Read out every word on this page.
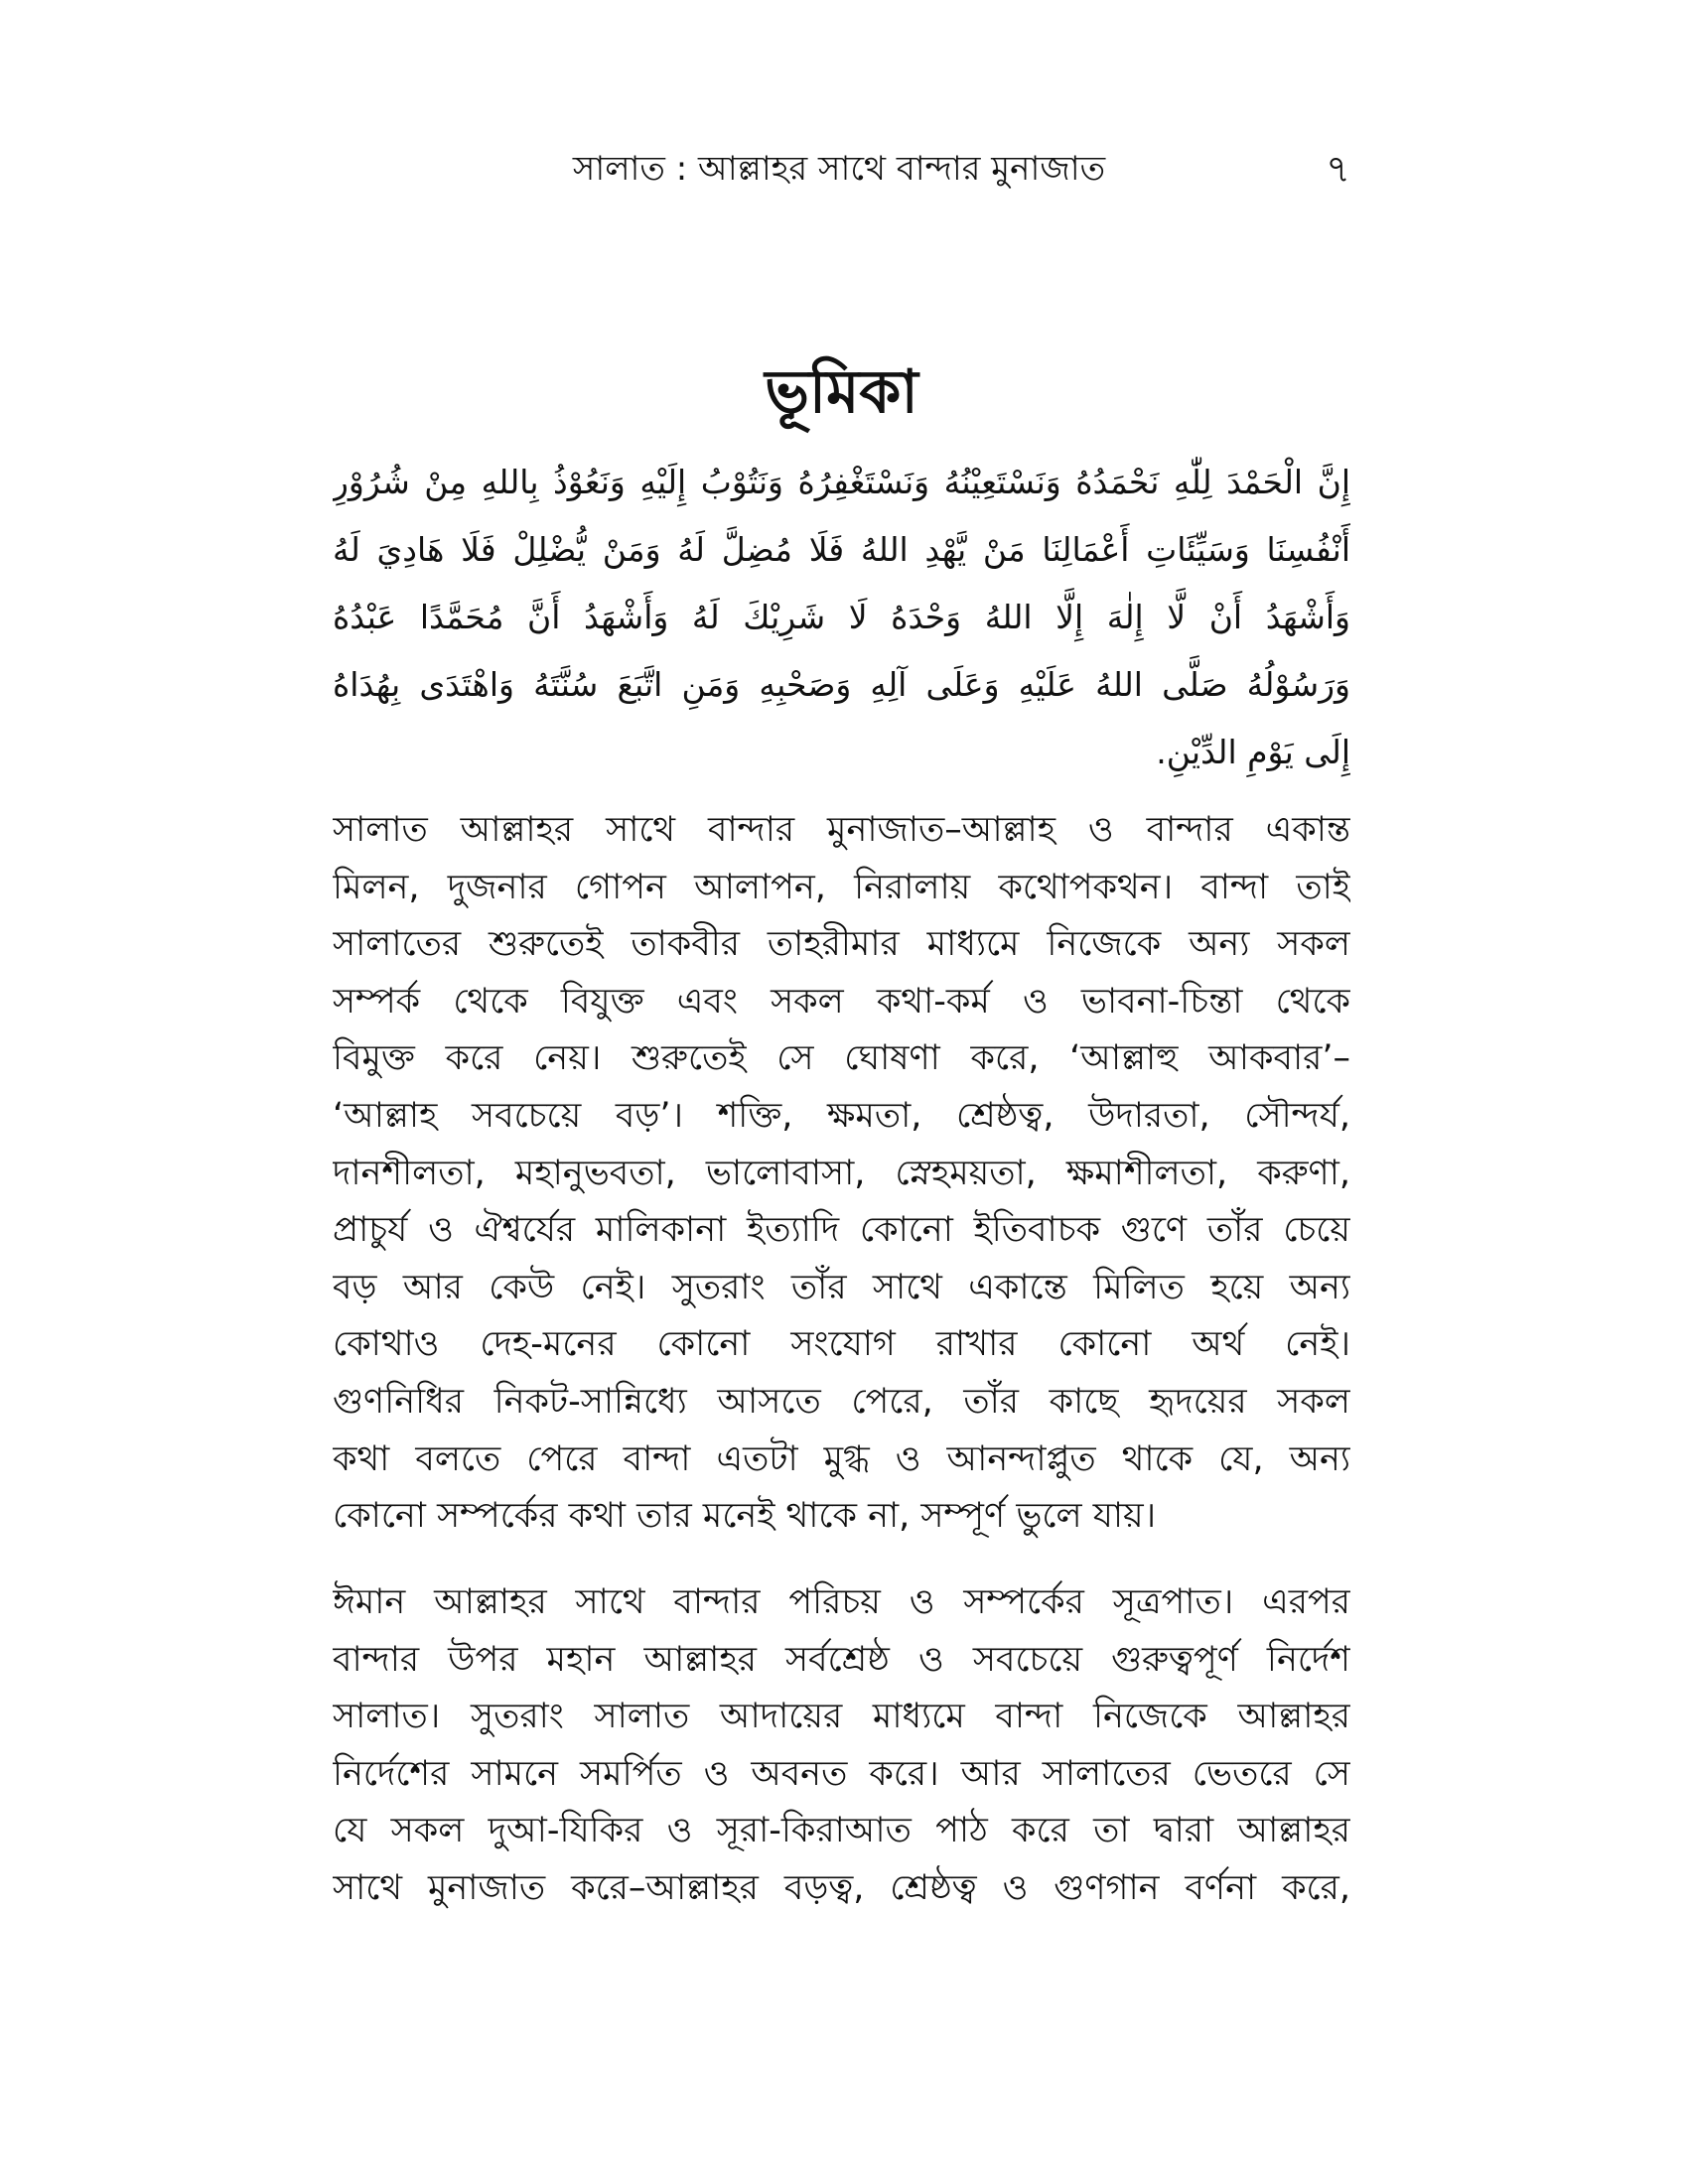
সালাত : আল্লাহর সাথে বান্দার মুনাজাত	৭
ভূমিকা
إِنَّ الْحَمْدَ لِلّٰهِ نَحْمَدُهُ وَنَسْتَعِيْنُهُ وَنَسْتَغْفِرُهُ وَنَتُوْبُ إِلَيْهِ وَنَعُوْذُ بِاللهِ مِنْ شُرُوْرِ
أَنْفُسِنَا وَسَيِّئَاتِ أَعْمَالِنَا مَنْ يَّهْدِ اللهُ فَلَا مُضِلَّ لَهُ وَمَنْ يُّضْلِلْ فَلَا هَادِيَ لَهُ
وَأَشْهَدُ أَنْ لَّا إِلٰهَ إِلَّا اللهُ وَحْدَهُ لَا شَرِيْكَ لَهُ وَأَشْهَدُ أَنَّ مُحَمَّدًا عَبْدُهُ
وَرَسُوْلُهُ صَلَّى اللهُ عَلَيْهِ وَعَلَى آلِهِ وَصَحْبِهِ وَمَنِ اتَّبَعَ سُنَّتَهُ وَاهْتَدَى بِهُدَاهُ
إِلَى يَوْمِ الدِّيْنِ.
সালাত আল্লাহর সাথে বান্দার মুনাজাত–আল্লাহ ও বান্দার একান্ত
মিলন, দুজনার গোপন আলাপন, নিরালায় কথোপকথন। বান্দা তাই
সালাতের শুরুতেই তাকবীর তাহরীমার মাধ্যমে নিজেকে অন্য সকল
সম্পর্ক থেকে বিযুক্ত এবং সকল কথা-কর্ম ও ভাবনা-চিন্তা থেকে
বিমুক্ত করে নেয়। শুরুতেই সে ঘোষণা করে, ‘আল্লাহু আকবার’–
‘আল্লাহ সবচেয়ে বড়’। শক্তি, ক্ষমতা, শ্রেষ্ঠত্ব, উদারতা, সৌন্দর্য,
দানশীলতা, মহানুভবতা, ভালোবাসা, স্নেহময়তা, ক্ষমাশীলতা, করুণা,
প্রাচুর্য ও ঐশ্বর্যের মালিকানা ইত্যাদি কোনো ইতিবাচক গুণে তাঁর চেয়ে
বড় আর কেউ নেই। সুতরাং তাঁর সাথে একান্তে মিলিত হয়ে অন্য
কোথাও দেহ-মনের কোনো সংযোগ রাখার কোনো অর্থ নেই।
গুণনিধির নিকট-সান্নিধ্যে আসতে পেরে, তাঁর কাছে হৃদয়ের সকল
কথা বলতে পেরে বান্দা এতটা মুগ্ধ ও আনন্দাপ্লুত থাকে যে, অন্য
কোনো সম্পর্কের কথা তার মনেই থাকে না, সম্পূর্ণ ভুলে যায়।
ঈমান আল্লাহর সাথে বান্দার পরিচয় ও সম্পর্কের সূত্রপাত। এরপর
বান্দার উপর মহান আল্লাহর সর্বশ্রেষ্ঠ ও সবচেয়ে গুরুত্বপূর্ণ নির্দেশ
সালাত। সুতরাং সালাত আদায়ের মাধ্যমে বান্দা নিজেকে আল্লাহর
নির্দেশের সামনে সমর্পিত ও অবনত করে। আর সালাতের ভেতরে সে
যে সকল দুআ-যিকির ও সূরা-কিরাআত পাঠ করে তা দ্বারা আল্লাহর
সাথে মুনাজাত করে–আল্লাহর বড়ত্ব, শ্রেষ্ঠত্ব ও গুণগান বর্ণনা করে,
